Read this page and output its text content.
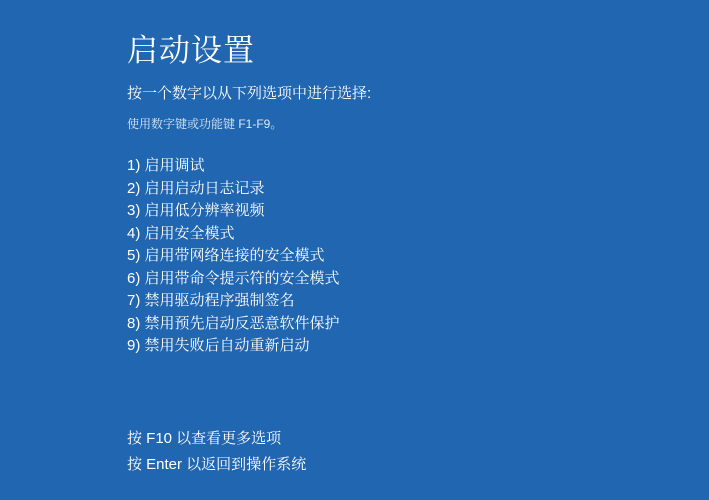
启动设置
按一个数字以从下列选项中进行选择:
使用数字键或功能键 F1-F9。
1) 启用调试
2) 启用启动日志记录
3) 启用低分辨率视频
4) 启用安全模式
5) 启用带网络连接的安全模式
6) 启用带命令提示符的安全模式
7) 禁用驱动程序强制签名
8) 禁用预先启动反恶意软件保护
9) 禁用失败后自动重新启动
按 F10 以查看更多选项
按 Enter 以返回到操作系统
